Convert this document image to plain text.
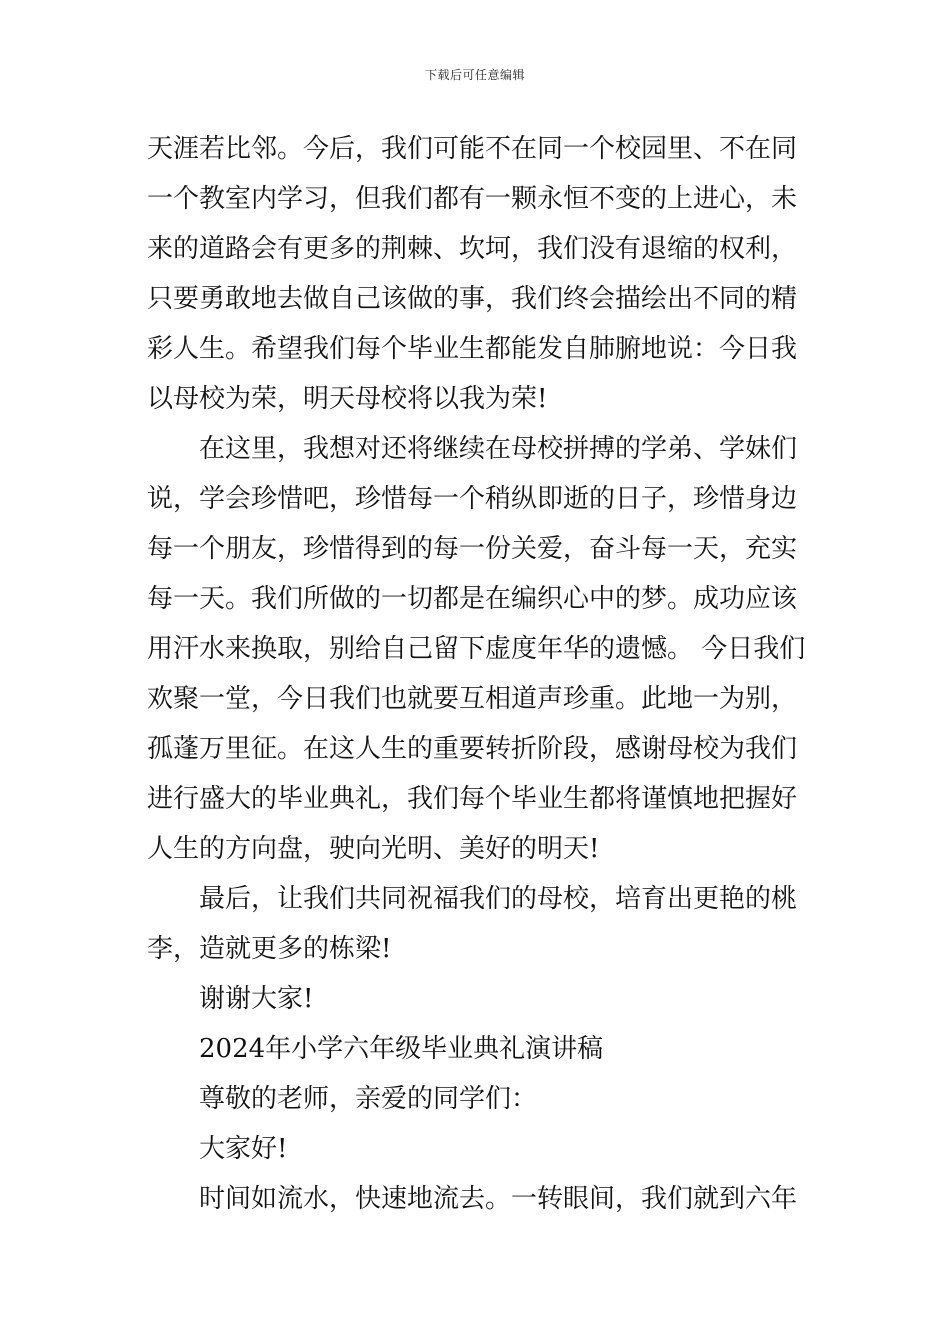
下载后可任意编辑
天涯若比邻。今后，我们可能不在同一个校园里、不在同
一个教室内学习，但我们都有一颗永恒不变的上进心，未
来的道路会有更多的荆棘、坎坷，我们没有退缩的权利，
只要勇敢地去做自己该做的事，我们终会描绘出不同的精
彩人生。希望我们每个毕业生都能发自肺腑地说：今日我
以母校为荣，明天母校将以我为荣!
在这里，我想对还将继续在母校拼搏的学弟、学妹们
说，学会珍惜吧，珍惜每一个稍纵即逝的日子，珍惜身边
每一个朋友，珍惜得到的每一份关爱，奋斗每一天，充实
每一天。我们所做的一切都是在编织心中的梦。成功应该
用汗水来换取，别给自己留下虚度年华的遗憾。 今日我们
欢聚一堂，今日我们也就要互相道声珍重。此地一为别，
孤蓬万里征。在这人生的重要转折阶段，感谢母校为我们
进行盛大的毕业典礼，我们每个毕业生都将谨慎地把握好
人生的方向盘，驶向光明、美好的明天!
最后，让我们共同祝福我们的母校，培育出更艳的桃
李，造就更多的栋梁!
谢谢大家!
2024年小学六年级毕业典礼演讲稿
尊敬的老师，亲爱的同学们：
大家好!
时间如流水，快速地流去。一转眼间，我们就到六年
